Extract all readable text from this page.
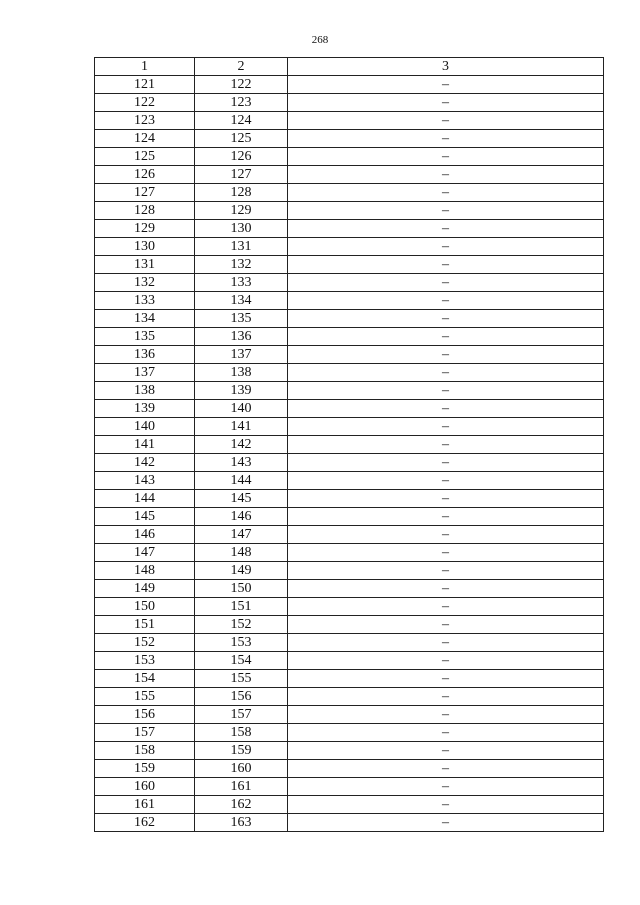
268
1	2	3
121	122	–
122	123	–
123	124	–
124	125	–
125	126	–
126	127	–
127	128	–
128	129	–
129	130	–
130	131	–
131	132	–
132	133	–
133	134	–
134	135	–
135	136	–
136	137	–
137	138	–
138	139	–
139	140	–
140	141	–
141	142	–
142	143	–
143	144	–
144	145	–
145	146	–
146	147	–
147	148	–
148	149	–
149	150	–
150	151	–
151	152	–
152	153	–
153	154	–
154	155	–
155	156	–
156	157	–
157	158	–
158	159	–
159	160	–
160	161	–
161	162	–
162	163	–
